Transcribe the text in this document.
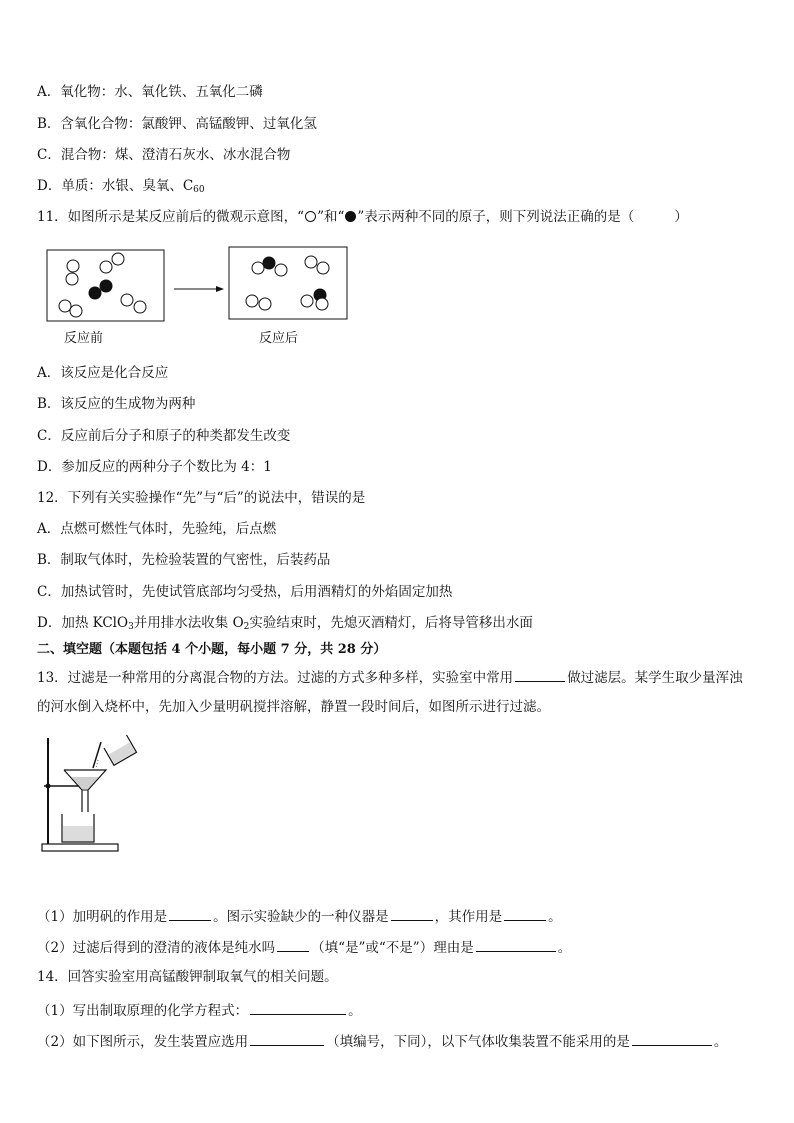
A．氧化物：水、氧化铁、五氧化二磷
B．含氧化合物：氯酸钾、高锰酸钾、过氧化氢
C．混合物：煤、澄清石灰水、冰水混合物
D．单质：水银、臭氧、$C_{60}$
11．如图所示是某反应前后的微观示意图，“ ”和“ ”表示两种不同的原子，则下列说法正确的是（	）
反应前	反应后
A．该反应是化合反应
B．该反应的生成物为两种
C．反应前后分子和原子的种类都发生改变
D．参加反应的两种分子个数比为 4：1
12．下列有关实验操作“先”与“后”的说法中，错误的是
A．点燃可燃性气体时，先验纯，后点燃
B．制取气体时，先检验装置的气密性，后装药品
C．加热试管时，先使试管底部均匀受热，后用酒精灯的外焰固定加热
D．加热 KClO$_3$并用排水法收集 $O_2$实验结束时，先熄灭酒精灯，后将导管移出水面
二、填空题（本题包括 4 个小题，每小题 7 分，共 28 分）
13．过滤是一种常用的分离混合物的方法。过滤的方式多种多样，实验室中常用	做过滤层。某学生取少量浑浊
的河水倒入烧杯中，先加入少量明矾搅拌溶解，静置一段时间后，如图所示进行过滤。
（1）加明矾的作用是	。图示实验缺少的一种仪器是	，其作用是	。
（2）过滤后得到的澄清的液体是纯水吗	（填“是”或“不是”）理由是	。
14．回答实验室用高锰酸钾制取氧气的相关问题。
（1）写出制取原理的化学方程式：	。
（2）如下图所示，发生装置应选用	（填编号，下同），以下气体收集装置不能采用的是	。
